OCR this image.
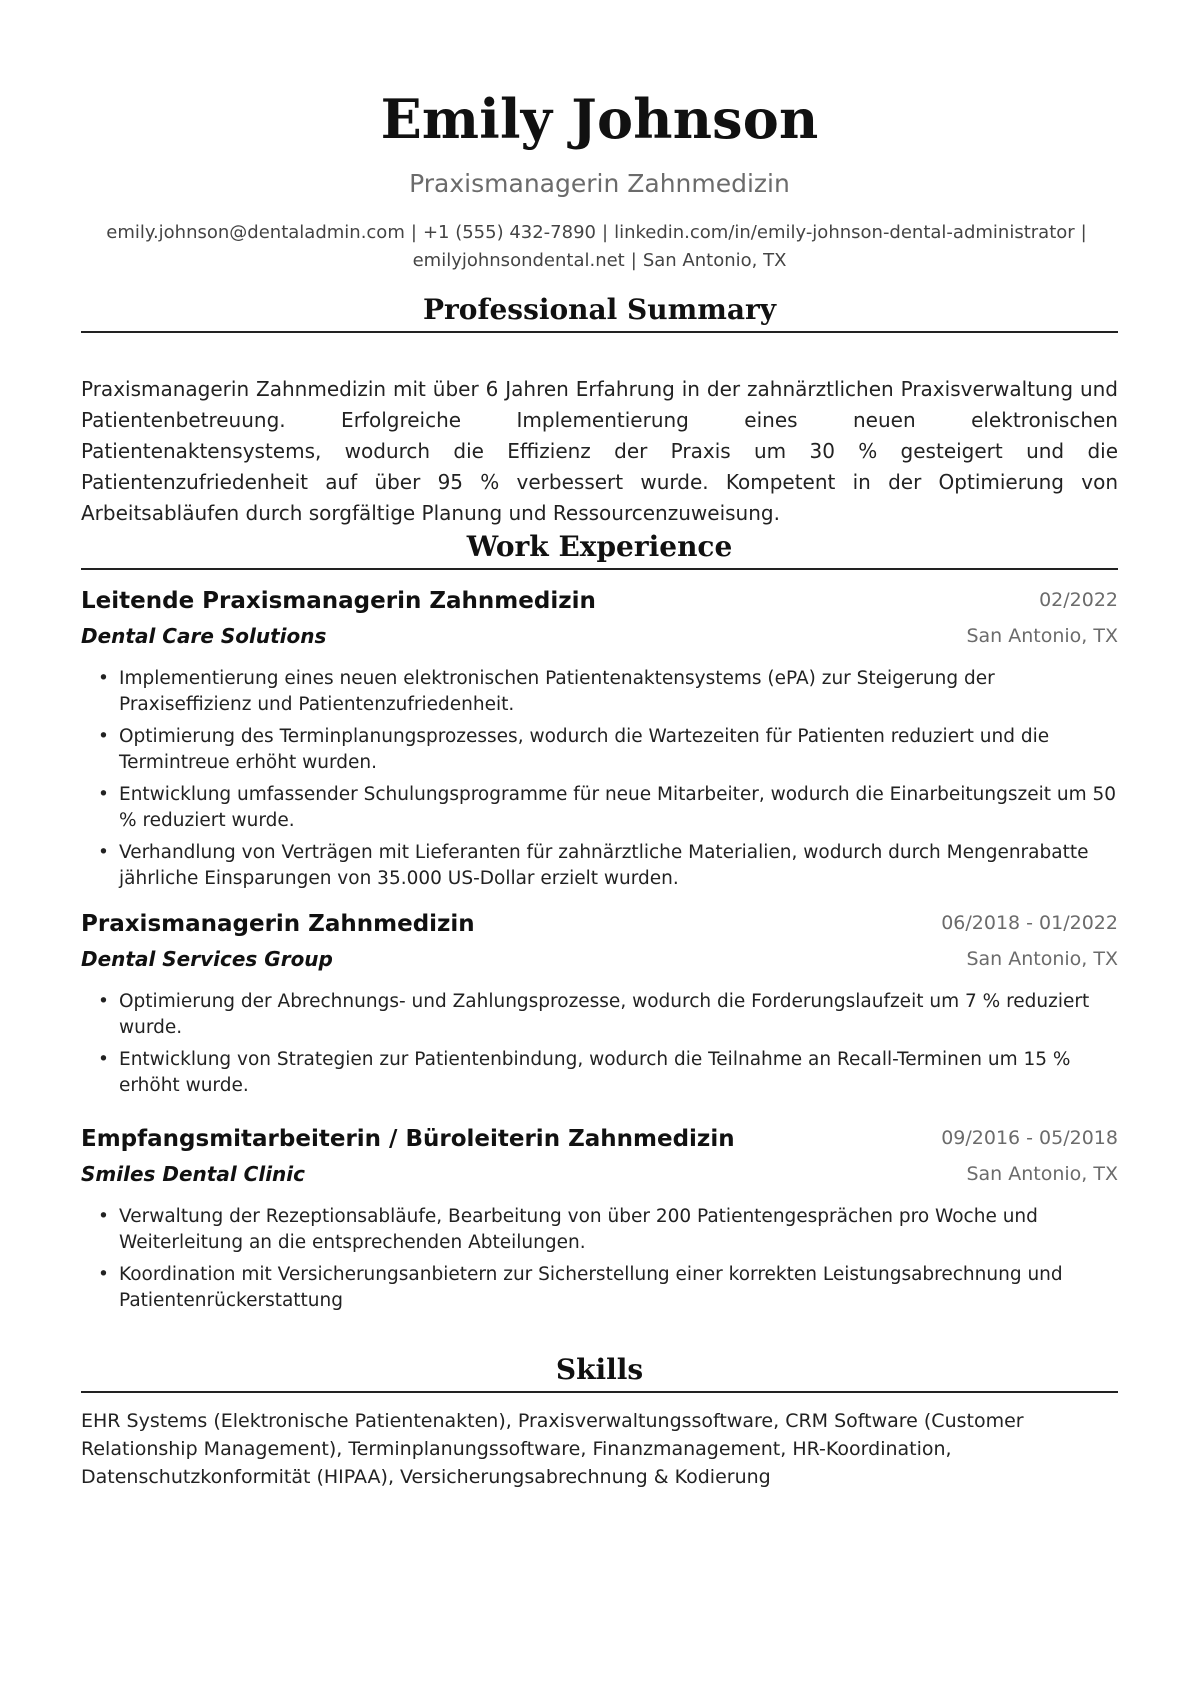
Emily Johnson
Praxismanagerin Zahnmedizin
emily.johnson@dentaladmin.com | +1 (555) 432-7890 | linkedin.com/in/emily-johnson-dental-administrator |
emilyjohnsondental.net | San Antonio, TX
Professional Summary
Praxismanagerin Zahnmedizin mit über 6 Jahren Erfahrung in der zahnärztlichen Praxisverwaltung und Patientenbetreuung. Erfolgreiche Implementierung eines neuen elektronischen Patientenaktensystems, wodurch die Effizienz der Praxis um 30 % gesteigert und die Patientenzufriedenheit auf über 95 % verbessert wurde. Kompetent in der Optimierung von Arbeitsabläufen durch sorgfältige Planung und Ressourcenzuweisung.
Work Experience
Leitende Praxismanagerin Zahnmedizin	02/2022
Dental Care Solutions	San Antonio, TX
• Implementierung eines neuen elektronischen Patientenaktensystems (ePA) zur Steigerung der Praxiseffizienz und Patientenzufriedenheit.
• Optimierung des Terminplanungsprozesses, wodurch die Wartezeiten für Patienten reduziert und die Termintreue erhöht wurden.
• Entwicklung umfassender Schulungsprogramme für neue Mitarbeiter, wodurch die Einarbeitungszeit um 50 % reduziert wurde.
• Verhandlung von Verträgen mit Lieferanten für zahnärztliche Materialien, wodurch durch Mengenrabatte jährliche Einsparungen von 35.000 US-Dollar erzielt wurden.
Praxismanagerin Zahnmedizin	06/2018 - 01/2022
Dental Services Group	San Antonio, TX
• Optimierung der Abrechnungs- und Zahlungsprozesse, wodurch die Forderungslaufzeit um 7 % reduziert wurde.
• Entwicklung von Strategien zur Patientenbindung, wodurch die Teilnahme an Recall-Terminen um 15 % erhöht wurde.
Empfangsmitarbeiterin / Büroleiterin Zahnmedizin	09/2016 - 05/2018
Smiles Dental Clinic	San Antonio, TX
• Verwaltung der Rezeptionsabläufe, Bearbeitung von über 200 Patientengesprächen pro Woche und Weiterleitung an die entsprechenden Abteilungen.
• Koordination mit Versicherungsanbietern zur Sicherstellung einer korrekten Leistungsabrechnung und Patientenrückerstattung
Skills
EHR Systems (Elektronische Patientenakten), Praxisverwaltungssoftware, CRM Software (Customer Relationship Management), Terminplanungssoftware, Finanzmanagement, HR-Koordination, Datenschutzkonformität (HIPAA), Versicherungsabrechnung & Kodierung
